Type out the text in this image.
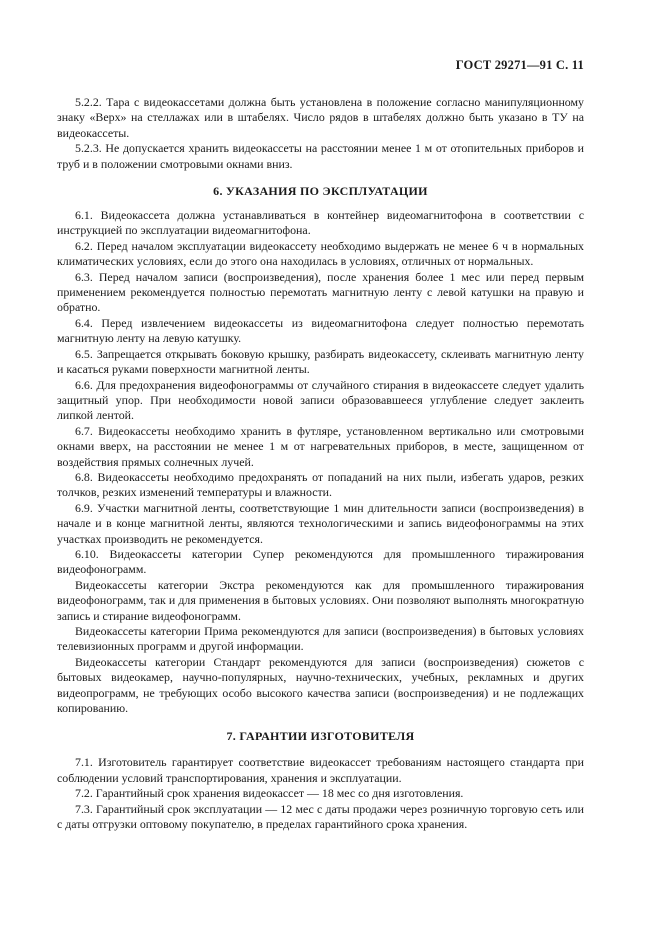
ГОСТ 29271—91 С. 11

5.2.2. Тара с видеокассетами должна быть установлена в положение согласно манипуляционному знаку «Верх» на стеллажах или в штабелях. Число рядов в штабелях должно быть указано в ТУ на видеокассеты.

5.2.3. Не допускается хранить видеокассеты на расстоянии менее 1 м от отопительных приборов и труб и в положении смотровыми окнами вниз.

6. УКАЗАНИЯ ПО ЭКСПЛУАТАЦИИ

6.1. Видеокассета должна устанавливаться в контейнер видеомагнитофона в соответствии с инструкцией по эксплуатации видеомагнитофона.

6.2. Перед началом эксплуатации видеокассету необходимо выдержать не менее 6 ч в нормальных климатических условиях, если до этого она находилась в условиях, отличных от нормальных.

6.3. Перед началом записи (воспроизведения), после хранения более 1 мес или перед первым применением рекомендуется полностью перемотать магнитную ленту с левой катушки на правую и обратно.

6.4. Перед извлечением видеокассеты из видеомагнитофона следует полностью перемотать магнитную ленту на левую катушку.

6.5. Запрещается открывать боковую крышку, разбирать видеокассету, склеивать магнитную ленту и касаться руками поверхности магнитной ленты.

6.6. Для предохранения видеофонограммы от случайного стирания в видеокассете следует удалить защитный упор. При необходимости новой записи образовавшееся углубление следует заклеить липкой лентой.

6.7. Видеокассеты необходимо хранить в футляре, установленном вертикально или смотровыми окнами вверх, на расстоянии не менее 1 м от нагревательных приборов, в месте, защищенном от воздействия прямых солнечных лучей.

6.8. Видеокассеты необходимо предохранять от попаданий на них пыли, избегать ударов, резких толчков, резких изменений температуры и влажности.

6.9. Участки магнитной ленты, соответствующие 1 мин длительности записи (воспроизведения) в начале и в конце магнитной ленты, являются технологическими и запись видеофонограммы на этих участках производить не рекомендуется.

6.10. Видеокассеты категории Супер рекомендуются для промышленного тиражирования видеофонограмм.

Видеокассеты категории Экстра рекомендуются как для промышленного тиражирования видеофонограмм, так и для применения в бытовых условиях. Они позволяют выполнять многократную запись и стирание видеофонограмм.

Видеокассеты категории Прима рекомендуются для записи (воспроизведения) в бытовых условиях телевизионных программ и другой информации.

Видеокассеты категории Стандарт рекомендуются для записи (воспроизведения) сюжетов с бытовых видеокамер, научно-популярных, научно-технических, учебных, рекламных и других видеопрограмм, не требующих особо высокого качества записи (воспроизведения) и не подлежащих копированию.

7. ГАРАНТИИ ИЗГОТОВИТЕЛЯ

7.1. Изготовитель гарантирует соответствие видеокассет требованиям настоящего стандарта при соблюдении условий транспортирования, хранения и эксплуатации.

7.2. Гарантийный срок хранения видеокассет — 18 мес со дня изготовления.

7.3. Гарантийный срок эксплуатации — 12 мес с даты продажи через розничную торговую сеть или с даты отгрузки оптовому покупателю, в пределах гарантийного срока хранения.
